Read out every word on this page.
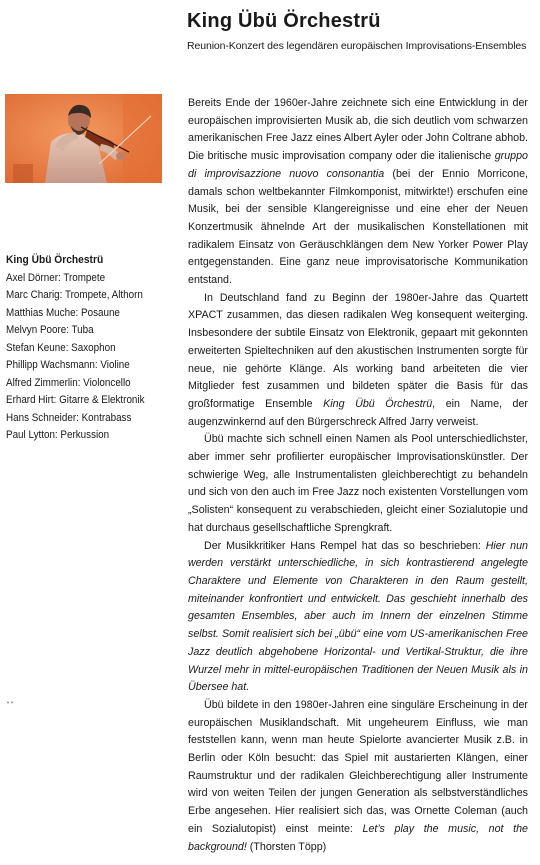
King Übü Örchestrü
Reunion-Konzert des legendären europäischen Improvisations-Ensembles
King Übü Örchestrü
Axel Dörner: Trompete
Marc Charig: Trompete, Althorn
Matthias Muche: Posaune
Melvyn Poore: Tuba
Stefan Keune: Saxophon
Phillipp Wachsmann: Violine
Alfred Zimmerlin: Violoncello
Erhard Hirt: Gitarre & Elektronik
Hans Schneider: Kontrabass
Paul Lytton: Perkussion

Bereits Ende der 1960er-Jahre zeichnete sich eine Entwicklung in der europäischen improvisierten Musik ab, die sich deutlich vom schwarzen amerikanischen Free Jazz eines Albert Ayler oder John Coltrane abhob. Die britische music improvisation company oder die italienische gruppo di improvisazzione nuovo consonantia (bei der Ennio Morricone, damals schon weltbekannter Filmkomponist, mitwirkte!) erschufen eine Musik, bei der sensible Klangereignisse und eine eher der Neuen Konzertmusik ähnelnde Art der musikalischen Konstellationen mit radikalem Einsatz von Geräuschklängen dem New Yorker Power Play entgegenstanden. Eine ganz neue improvisatorische Kommunikation entstand.

In Deutschland fand zu Beginn der 1980er-Jahre das Quartett XPACT zusammen, das diesen radikalen Weg konsequent weiterging. Insbesondere der subtile Einsatz von Elektronik, gepaart mit gekonnten erweiterten Spieltechniken auf den akustischen Instrumenten sorgte für neue, nie gehörte Klänge. Als working band arbeiteten die vier Mitglieder fest zusammen und bildeten später die Basis für das großformatige Ensemble King Übü Örchestrü, ein Name, der augenzwinkernd auf den Bürgerschreck Alfred Jarry verweist.

Übü machte sich schnell einen Namen als Pool unterschiedlichster, aber immer sehr profilierter europäischer Improvisationskünstler. Der schwierige Weg, alle Instrumentalisten gleichberechtigt zu behandeln und sich von den auch im Free Jazz noch existenten Vorstellungen vom „Solisten“ konsequent zu verabschieden, gleicht einer Sozialutopie und hat durchaus gesellschaftliche Sprengkraft.

Der Musikkritiker Hans Rempel hat das so beschrieben: Hier nun werden verstärkt unterschiedliche, in sich kontrastierend angelegte Charaktere und Elemente von Charakteren in den Raum gestellt, miteinander konfrontiert und entwickelt. Das geschieht innerhalb des gesamten Ensembles, aber auch im Innern der einzelnen Stimme selbst. Somit realisiert sich bei „übü“ eine vom US-amerikanischen Free Jazz deutlich abgehobene Horizontal- und Vertikal-Struktur, die ihre Wurzel mehr in mittel-europäischen Traditionen der Neuen Musik als in Übersee hat.

Übü bildete in den 1980er-Jahren eine singuläre Erscheinung in der europäischen Musiklandschaft. Mit ungeheurem Einfluss, wie man feststellen kann, wenn man heute Spielorte avancierter Musik z.B. in Berlin oder Köln besucht: das Spiel mit austarierten Klängen, einer Raumstruktur und der radikalen Gleichberechtigung aller Instrumente wird von weiten Teilen der jungen Generation als selbstverständliches Erbe angesehen. Hier realisiert sich das, was Ornette Coleman (auch ein Sozialutopist) einst meinte: Let’s play the music, not the background! (Thorsten Töpp)
